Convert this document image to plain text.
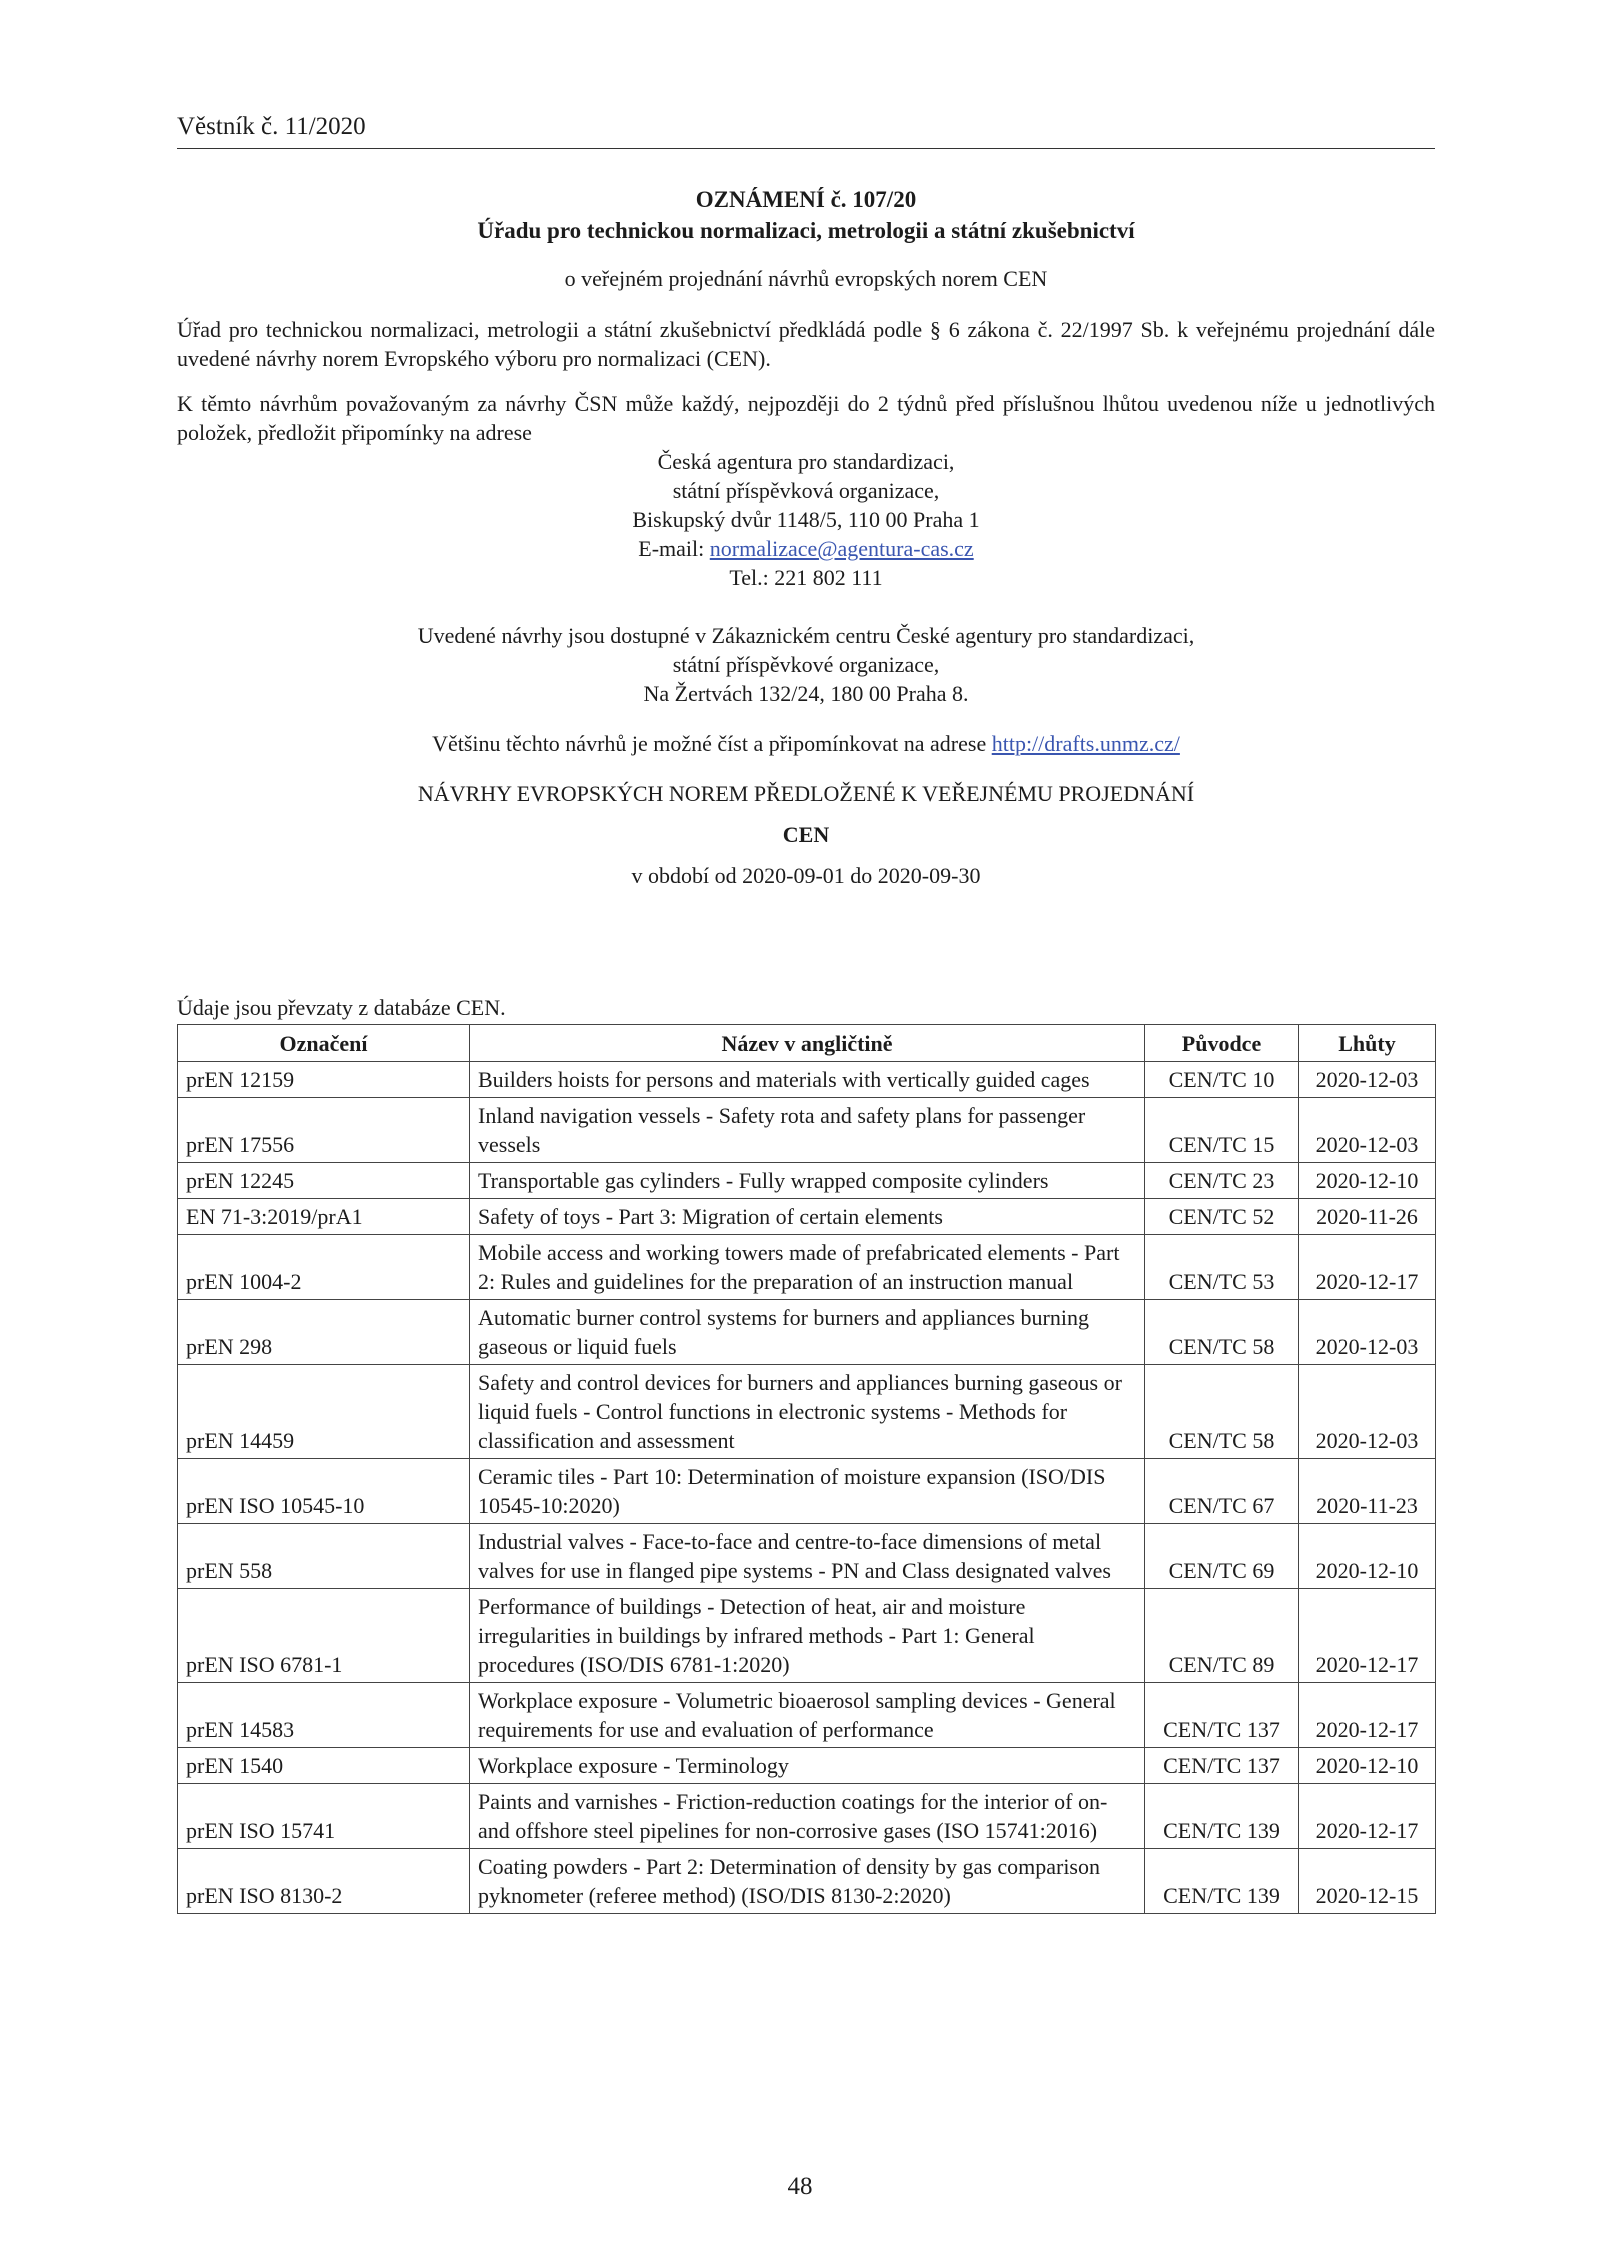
Věstník č. 11/2020
OZNÁMENÍ č. 107/20
Úřadu pro technickou normalizaci, metrologii a státní zkušebnictví
o veřejném projednání návrhů evropských norem CEN

Úřad pro technickou normalizaci, metrologii a státní zkušebnictví předkládá podle § 6 zákona č. 22/1997 Sb. k veřejnému projednání dále uvedené návrhy norem Evropského výboru pro normalizaci (CEN).

K těmto návrhům považovaným za návrhy ČSN může každý, nejpozději do 2 týdnů před příslušnou lhůtou uvedenou níže u jednotlivých položek, předložit připomínky na adrese

Česká agentura pro standardizaci,
státní příspěvková organizace,
Biskupský dvůr 1148/5, 110 00 Praha 1
E-mail: normalizace@agentura-cas.cz
Tel.: 221 802 111
Uvedené návrhy jsou dostupné v Zákaznickém centru České agentury pro standardizaci,
státní příspěvkové organizace,
Na Žertvách 132/24, 180 00 Praha 8.
Většinu těchto návrhů je možné číst a připomínkovat na adrese http://drafts.unmz.cz/
NÁVRHY EVROPSKÝCH NOREM PŘEDLOŽENÉ K VEŘEJNÉMU PROJEDNÁNÍ
CEN
v období od 2020-09-01 do 2020-09-30
Údaje jsou převzaty z databáze CEN.
Označení	Název v angličtině	Původce	Lhůty
prEN 12159	Builders hoists for persons and materials with vertically guided cages	CEN/TC 10	2020-12-03
prEN 17556	Inland navigation vessels - Safety rota and safety plans for passenger vessels	CEN/TC 15	2020-12-03
prEN 12245	Transportable gas cylinders - Fully wrapped composite cylinders	CEN/TC 23	2020-12-10
EN 71-3:2019/prA1	Safety of toys - Part 3: Migration of certain elements	CEN/TC 52	2020-11-26
prEN 1004-2	Mobile access and working towers made of prefabricated elements - Part 2: Rules and guidelines for the preparation of an instruction manual	CEN/TC 53	2020-12-17
prEN 298	Automatic burner control systems for burners and appliances burning gaseous or liquid fuels	CEN/TC 58	2020-12-03
prEN 14459	Safety and control devices for burners and appliances burning gaseous or liquid fuels - Control functions in electronic systems - Methods for classification and assessment	CEN/TC 58	2020-12-03
prEN ISO 10545-10	Ceramic tiles - Part 10: Determination of moisture expansion (ISO/DIS 10545-10:2020)	CEN/TC 67	2020-11-23
prEN 558	Industrial valves - Face-to-face and centre-to-face dimensions of metal valves for use in flanged pipe systems - PN and Class designated valves	CEN/TC 69	2020-12-10
prEN ISO 6781-1	Performance of buildings - Detection of heat, air and moisture irregularities in buildings by infrared methods - Part 1: General procedures (ISO/DIS 6781-1:2020)	CEN/TC 89	2020-12-17
prEN 14583	Workplace exposure - Volumetric bioaerosol sampling devices - General requirements for use and evaluation of performance	CEN/TC 137	2020-12-17
prEN 1540	Workplace exposure - Terminology	CEN/TC 137	2020-12-10
prEN ISO 15741	Paints and varnishes - Friction-reduction coatings for the interior of on- and offshore steel pipelines for non-corrosive gases (ISO 15741:2016)	CEN/TC 139	2020-12-17
prEN ISO 8130-2	Coating powders - Part 2: Determination of density by gas comparison pyknometer (referee method) (ISO/DIS 8130-2:2020)	CEN/TC 139	2020-12-15
48
